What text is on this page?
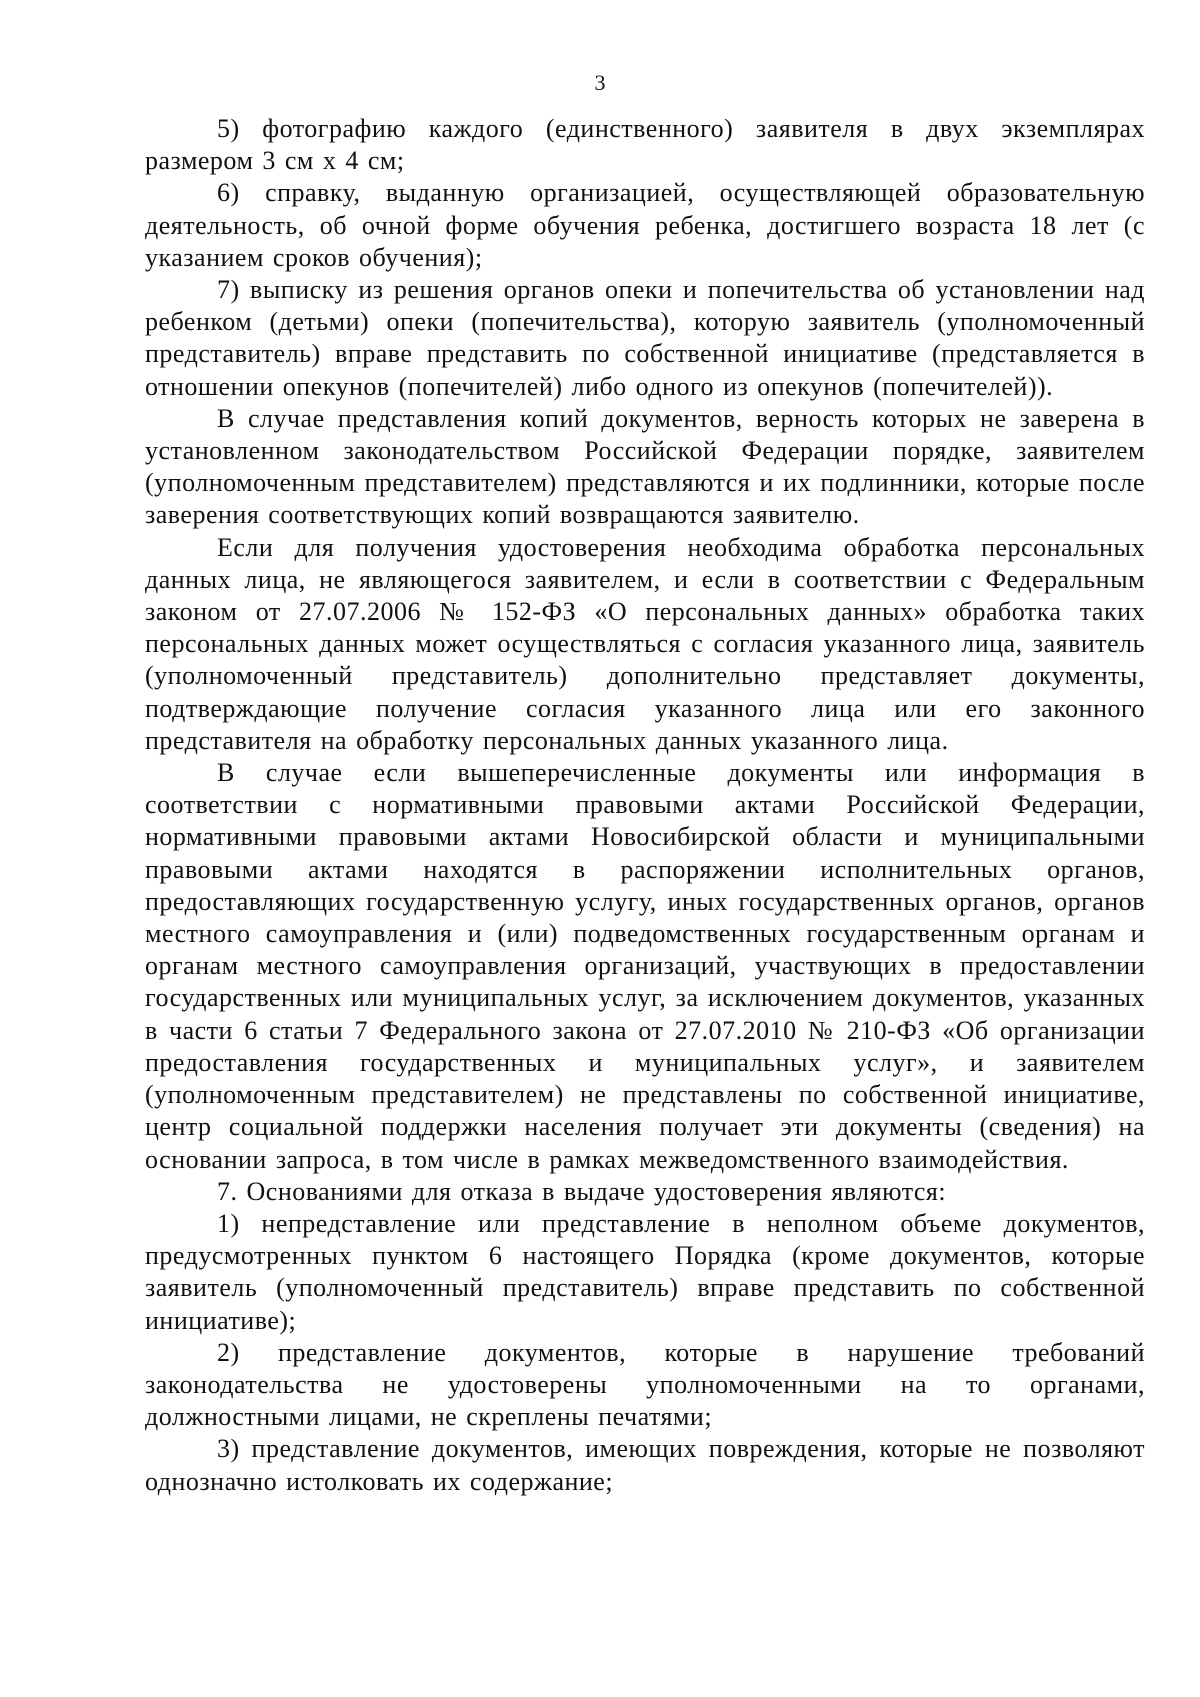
3

5) фотографию каждого (единственного) заявителя в двух экземплярах размером 3 см х 4 см;

6) справку, выданную организацией, осуществляющей образовательную деятельность, об очной форме обучения ребенка, достигшего возраста 18 лет (с указанием сроков обучения);

7) выписку из решения органов опеки и попечительства об установлении над ребенком (детьми) опеки (попечительства), которую заявитель (уполномоченный представитель) вправе представить по собственной инициативе (представляется в отношении опекунов (попечителей) либо одного из опекунов (попечителей)).

В случае представления копий документов, верность которых не заверена в установленном законодательством Российской Федерации порядке, заявителем (уполномоченным представителем) представляются и их подлинники, которые после заверения соответствующих копий возвращаются заявителю.

Если для получения удостоверения необходима обработка персональных данных лица, не являющегося заявителем, и если в соответствии с Федеральным законом от 27.07.2006 № 152-ФЗ «О персональных данных» обработка таких персональных данных может осуществляться с согласия указанного лица, заявитель (уполномоченный представитель) дополнительно представляет документы, подтверждающие получение согласия указанного лица или его законного представителя на обработку персональных данных указанного лица.

В случае если вышеперечисленные документы или информация в соответствии с нормативными правовыми актами Российской Федерации, нормативными правовыми актами Новосибирской области и муниципальными правовыми актами находятся в распоряжении исполнительных органов, предоставляющих государственную услугу, иных государственных органов, органов местного самоуправления и (или) подведомственных государственным органам и органам местного самоуправления организаций, участвующих в предоставлении государственных или муниципальных услуг, за исключением документов, указанных в части 6 статьи 7 Федерального закона от 27.07.2010 № 210-ФЗ «Об организации предоставления государственных и муниципальных услуг», и заявителем (уполномоченным представителем) не представлены по собственной инициативе, центр социальной поддержки населения получает эти документы (сведения) на основании запроса, в том числе в рамках межведомственного взаимодействия.

7. Основаниями для отказа в выдаче удостоверения являются:

1) непредставление или представление в неполном объеме документов, предусмотренных пунктом 6 настоящего Порядка (кроме документов, которые заявитель (уполномоченный представитель) вправе представить по собственной инициативе);

2) представление документов, которые в нарушение требований законодательства не удостоверены уполномоченными на то органами, должностными лицами, не скреплены печатями;

3) представление документов, имеющих повреждения, которые не позволяют однозначно истолковать их содержание;
